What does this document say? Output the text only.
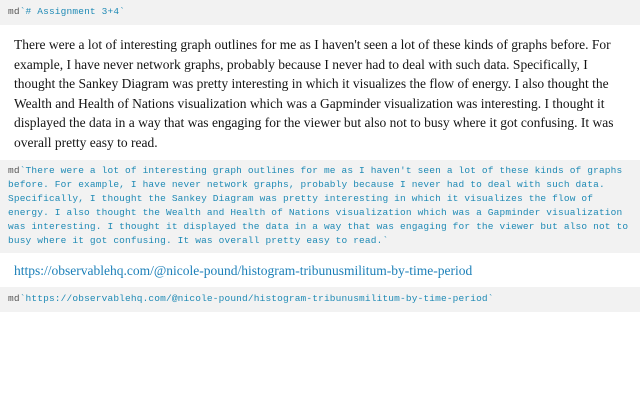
md`# Assignment 3+4`

There were a lot of interesting graph outlines for me as I haven't seen a lot of these kinds of graphs before. For example, I have never network graphs, probably because I never had to deal with such data. Specifically, I thought the Sankey Diagram was pretty interesting in which it visualizes the flow of energy. I also thought the Wealth and Health of Nations visualization which was a Gapminder visualization was interesting. I thought it displayed the data in a way that was engaging for the viewer but also not to busy where it got confusing. It was overall pretty easy to read.

md`There were a lot of interesting graph outlines for me as I haven't seen a lot of these kinds of graphs before. For example, I have never network graphs, probably because I never had to deal with such data. Specifically, I thought the Sankey Diagram was pretty interesting in which it visualizes the flow of energy. I also thought the Wealth and Health of Nations visualization which was a Gapminder visualization was interesting. I thought it displayed the data in a way that was engaging for the viewer but also not to busy where it got confusing. It was overall pretty easy to read.`
https://observablehq.com/@nicole-pound/histogram-tribunusmilitum-by-time-period
md`https://observablehq.com/@nicole-pound/histogram-tribunusmilitum-by-time-period`
